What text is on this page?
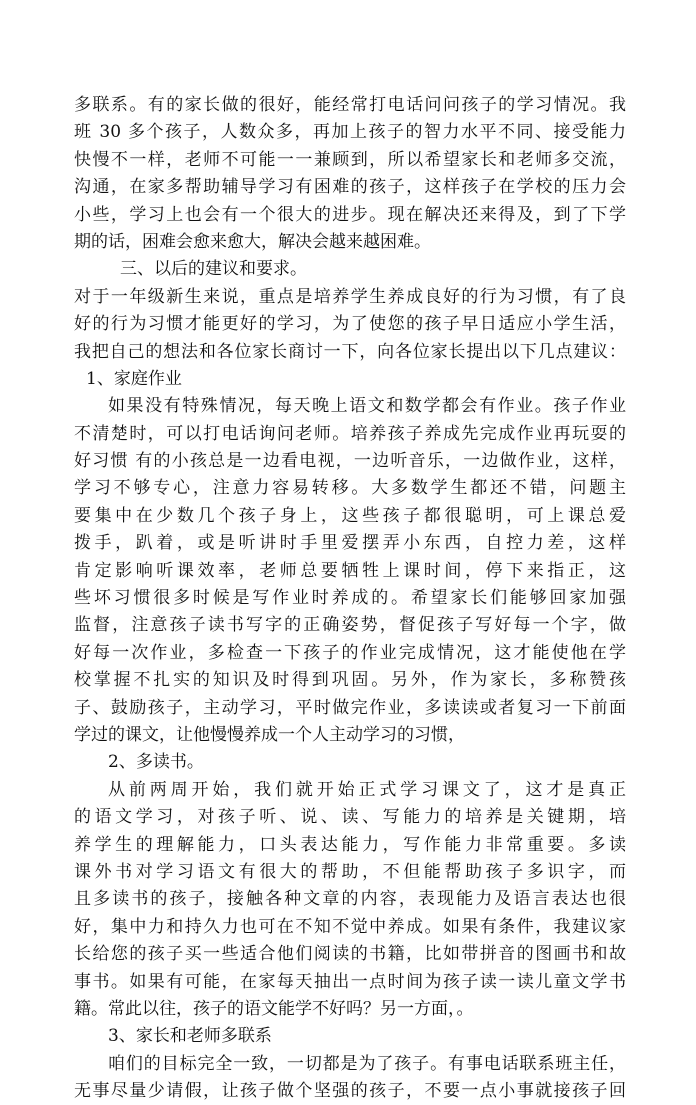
多联系。有的家长做的很好，能经常打电话问问孩子的学习情况。我
班 30 多个孩子，人数众多，再加上孩子的智力水平不同、接受能力
快慢不一样，老师不可能一一兼顾到，所以希望家长和老师多交流，
沟通，在家多帮助辅导学习有困难的孩子，这样孩子在学校的压力会
小些，学习上也会有一个很大的进步。现在解决还来得及，到了下学
期的话，困难会愈来愈大，解决会越来越困难。
三、以后的建议和要求。
对于一年级新生来说，重点是培养学生养成良好的行为习惯，有了良
好的行为习惯才能更好的学习，为了使您的孩子早日适应小学生活，
我把自己的想法和各位家长商讨一下，向各位家长提出以下几点建议：
1、家庭作业
如果没有特殊情况，每天晚上语文和数学都会有作业。孩子作业
不清楚时，可以打电话询问老师。培养孩子养成先完成作业再玩耍的
好习惯 有的小孩总是一边看电视，一边听音乐，一边做作业，这样，
学习不够专心，注意力容易转移。大多数学生都还不错，问题主
要集中在少数几个孩子身上，这些孩子都很聪明，可上课总爱
拨手，趴着，或是听讲时手里爱摆弄小东西，自控力差，这样
肯定影响听课效率，老师总要牺牲上课时间，停下来指正，这
些坏习惯很多时候是写作业时养成的。希望家长们能够回家加强
监督，注意孩子读书写字的正确姿势，督促孩子写好每一个字，做
好每一次作业，多检查一下孩子的作业完成情况，这才能使他在学
校掌握不扎实的知识及时得到巩固。另外，作为家长，多称赞孩
子、鼓励孩子，主动学习，平时做完作业，多读读或者复习一下前面
学过的课文，让他慢慢养成一个人主动学习的习惯，
2、多读书。
从前两周开始，我们就开始正式学习课文了，这才是真正
的语文学习，对孩子听、说、读、写能力的培养是关键期，培
养学生的理解能力，口头表达能力，写作能力非常重要。多读
课外书对学习语文有很大的帮助，不但能帮助孩子多识字，而
且多读书的孩子，接触各种文章的内容，表现能力及语言表达也很
好，集中力和持久力也可在不知不觉中养成。如果有条件，我建议家
长给您的孩子买一些适合他们阅读的书籍，比如带拼音的图画书和故
事书。如果有可能，在家每天抽出一点时间为孩子读一读儿童文学书
籍。常此以往，孩子的语文能学不好吗？另一方面，。
3、家长和老师多联系
咱们的目标完全一致，一切都是为了孩子。有事电话联系班主任，
无事尽量少请假，让孩子做个坚强的孩子，不要一点小事就接孩子回
